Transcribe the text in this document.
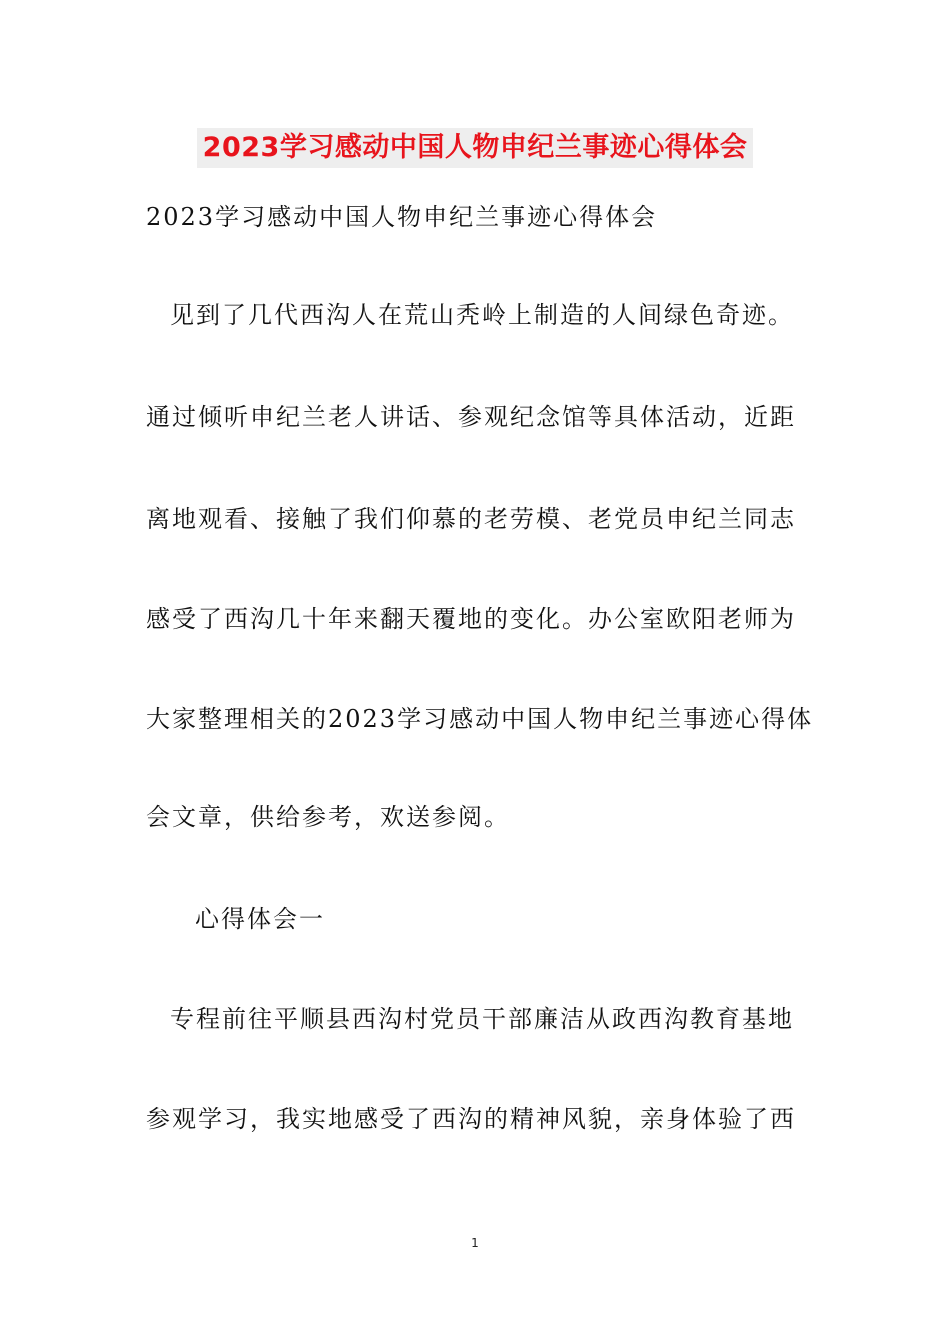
2023学习感动中国人物申纪兰事迹心得体会
2023学习感动中国人物申纪兰事迹心得体会
见到了几代西沟人在荒山秃岭上制造的人间绿色奇迹。
通过倾听申纪兰老人讲话、参观纪念馆等具体活动，近距
离地观看、接触了我们仰慕的老劳模、老党员申纪兰同志
感受了西沟几十年来翻天覆地的变化。办公室欧阳老师为
大家整理相关的2023学习感动中国人物申纪兰事迹心得体
会文章，供给参考，欢送参阅。
心得体会一
专程前往平顺县西沟村党员干部廉洁从政西沟教育基地
参观学习，我实地感受了西沟的精神风貌，亲身体验了西
1
